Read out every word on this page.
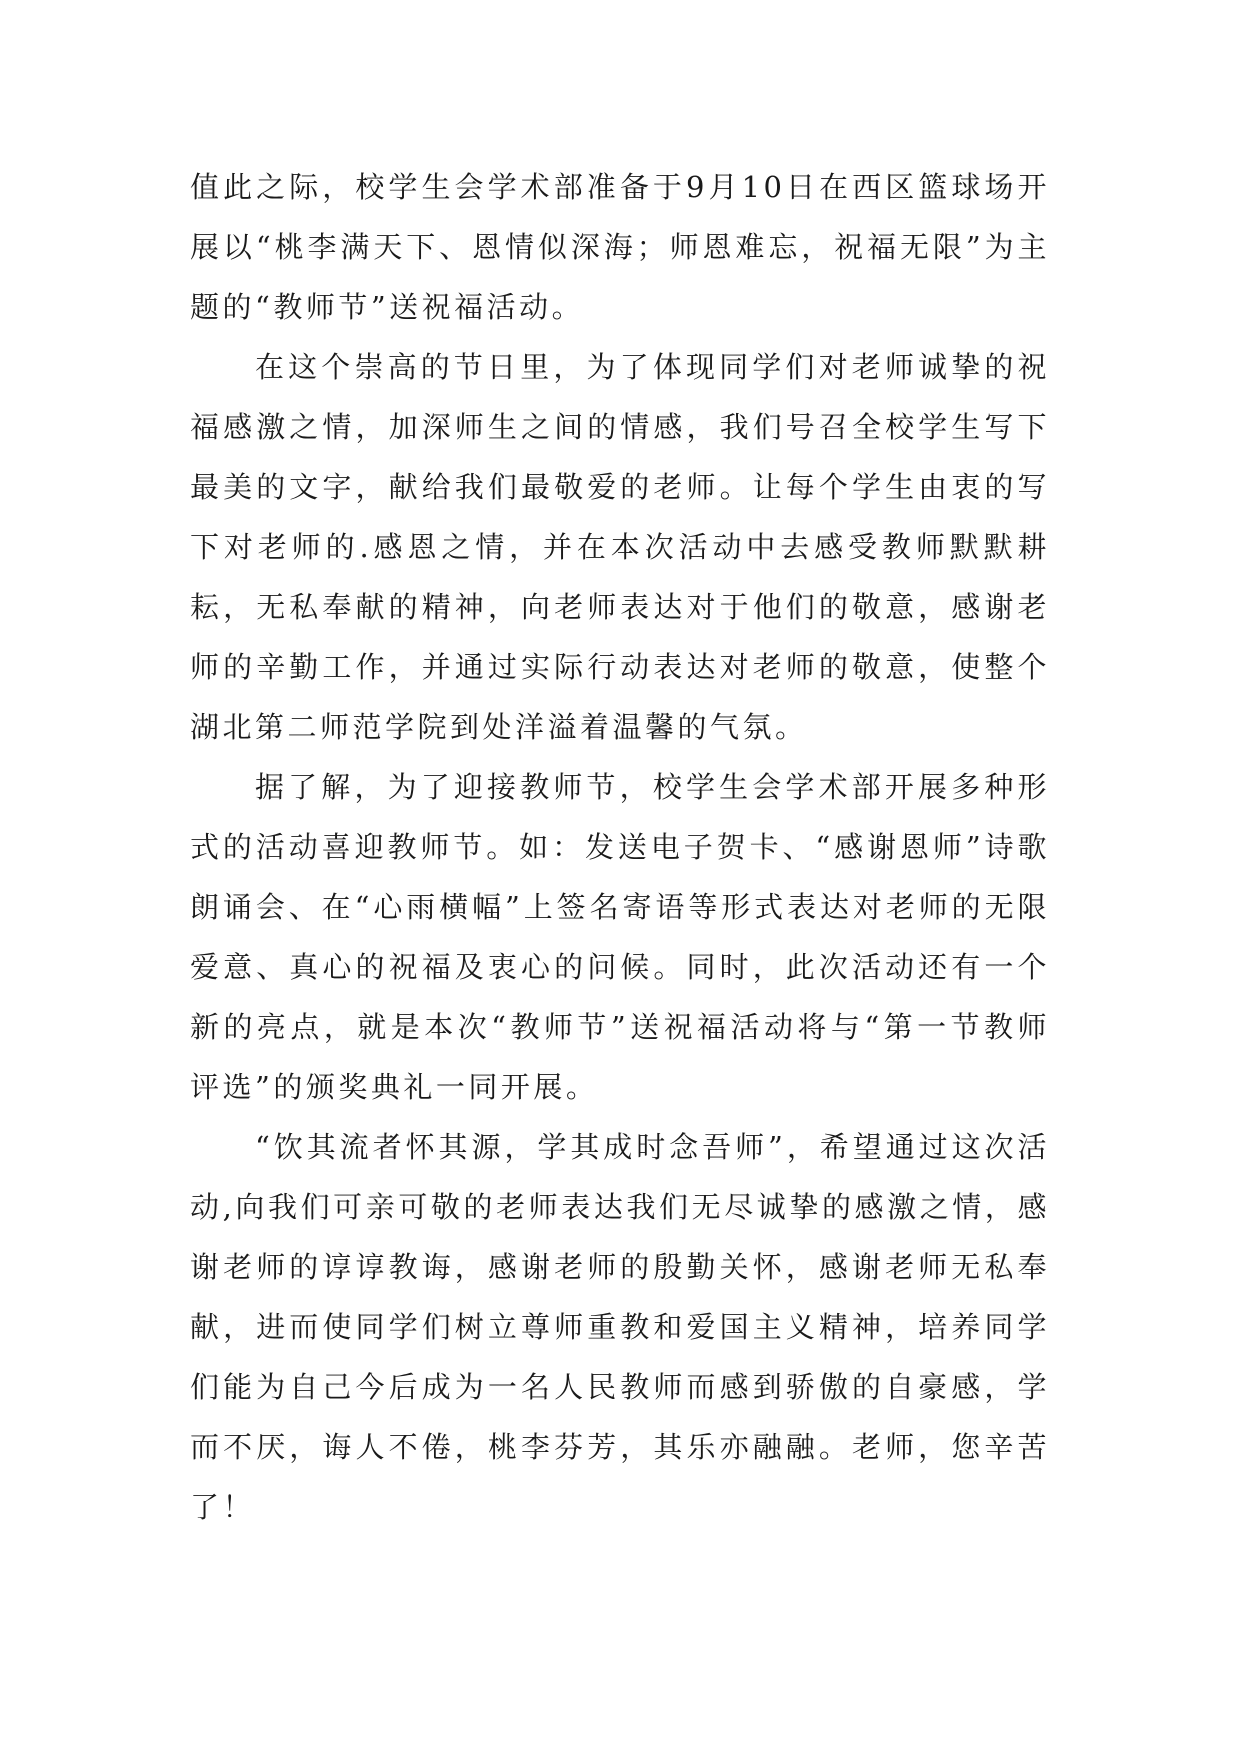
值此之际，校学生会学术部准备于9月10日在西区篮球场开展以“桃李满天下、恩情似深海；师恩难忘，祝福无限”为主题的“教师节”送祝福活动。

在这个崇高的节日里，为了体现同学们对老师诚挚的祝福感激之情，加深师生之间的情感，我们号召全校学生写下最美的文字，献给我们最敬爱的老师。让每个学生由衷的写下对老师的.感恩之情，并在本次活动中去感受教师默默耕耘，无私奉献的精神，向老师表达对于他们的敬意，感谢老师的辛勤工作，并通过实际行动表达对老师的敬意，使整个湖北第二师范学院到处洋溢着温馨的气氛。

据了解，为了迎接教师节，校学生会学术部开展多种形式的活动喜迎教师节。如：发送电子贺卡、“感谢恩师”诗歌朗诵会、在“心雨横幅”上签名寄语等形式表达对老师的无限爱意、真心的祝福及衷心的问候。同时，此次活动还有一个新的亮点，就是本次“教师节”送祝福活动将与“第一节教师评选”的颁奖典礼一同开展。

“饮其流者怀其源，学其成时念吾师”，希望通过这次活动,向我们可亲可敬的老师表达我们无尽诚挚的感激之情，感谢老师的谆谆教诲，感谢老师的殷勤关怀，感谢老师无私奉献，进而使同学们树立尊师重教和爱国主义精神，培养同学们能为自己今后成为一名人民教师而感到骄傲的自豪感，学而不厌，诲人不倦，桃李芬芳，其乐亦融融。老师，您辛苦了！
